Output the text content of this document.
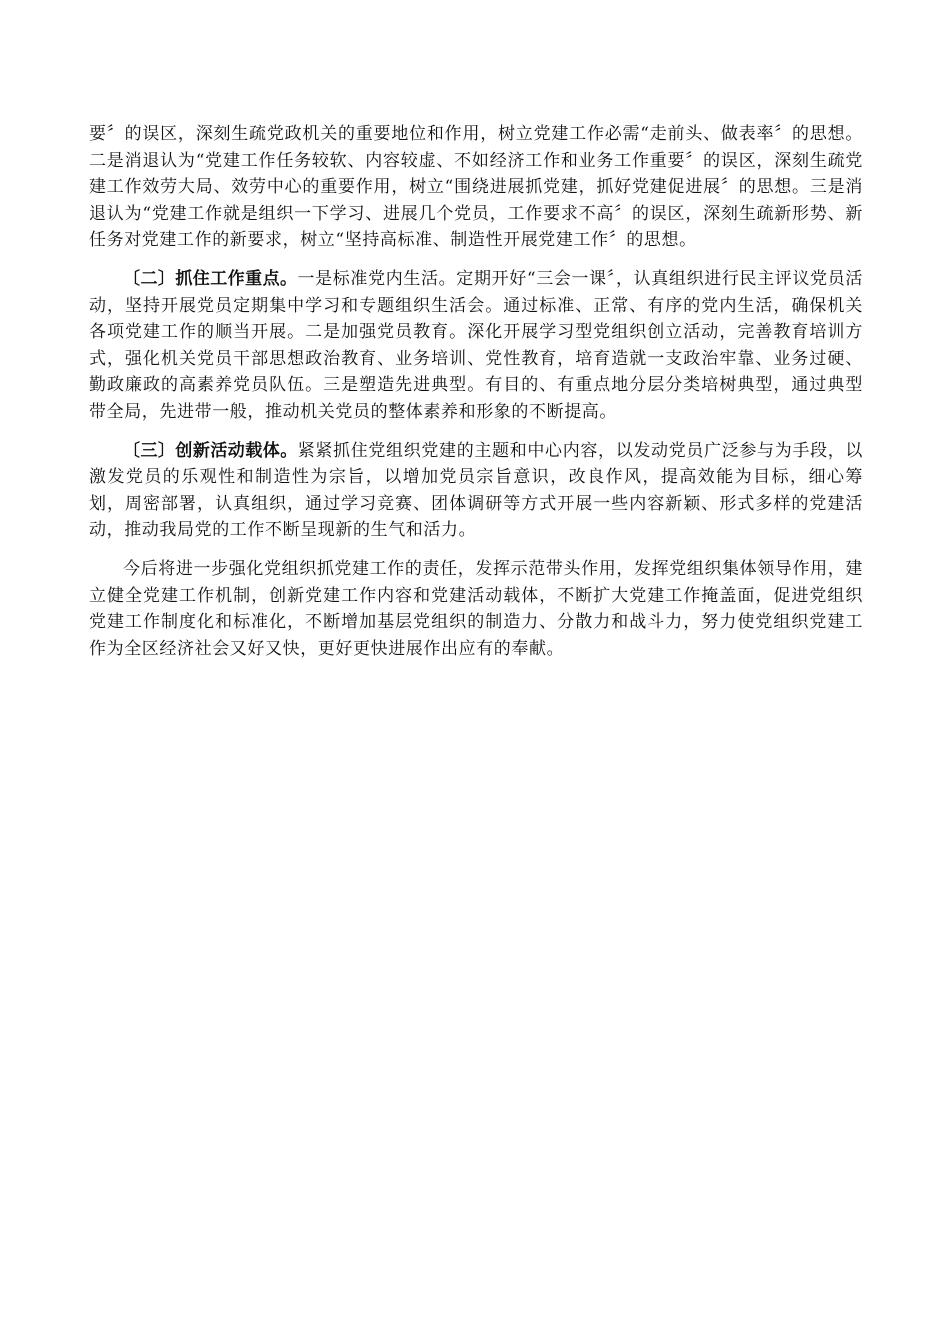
要〞的误区，深刻生疏党政机关的重要地位和作用，树立党建工作必需“走前头、做表率〞的思想。二是消退认为“党建工作任务较软、内容较虚、不如经济工作和业务工作重要〞的误区，深刻生疏党建工作效劳大局、效劳中心的重要作用，树立“围绕进展抓党建，抓好党建促进展〞的思想。三是消退认为“党建工作就是组织一下学习、进展几个党员，工作要求不高〞的误区，深刻生疏新形势、新任务对党建工作的新要求，树立“坚持高标准、制造性开展党建工作〞的思想。

〔二〕抓住工作重点。一是标准党内生活。定期开好“三会一课〞，认真组织进行民主评议党员活动，坚持开展党员定期集中学习和专题组织生活会。通过标准、正常、有序的党内生活，确保机关各项党建工作的顺当开展。二是加强党员教育。深化开展学习型党组织创立活动，完善教育培训方式，强化机关党员干部思想政治教育、业务培训、党性教育，培育造就一支政治牢靠、业务过硬、勤政廉政的高素养党员队伍。三是塑造先进典型。有目的、有重点地分层分类培树典型，通过典型带全局，先进带一般，推动机关党员的整体素养和形象的不断提高。

〔三〕创新活动载体。紧紧抓住党组织党建的主题和中心内容，以发动党员广泛参与为手段，以激发党员的乐观性和制造性为宗旨，以增加党员宗旨意识，改良作风，提高效能为目标，细心筹划，周密部署，认真组织，通过学习竞赛、团体调研等方式开展一些内容新颖、形式多样的党建活动，推动我局党的工作不断呈现新的生气和活力。

今后将进一步强化党组织抓党建工作的责任，发挥示范带头作用，发挥党组织集体领导作用，建立健全党建工作机制，创新党建工作内容和党建活动载体，不断扩大党建工作掩盖面，促进党组织党建工作制度化和标准化，不断增加基层党组织的制造力、分散力和战斗力，努力使党组织党建工作为全区经济社会又好又快，更好更快进展作出应有的奉献。
